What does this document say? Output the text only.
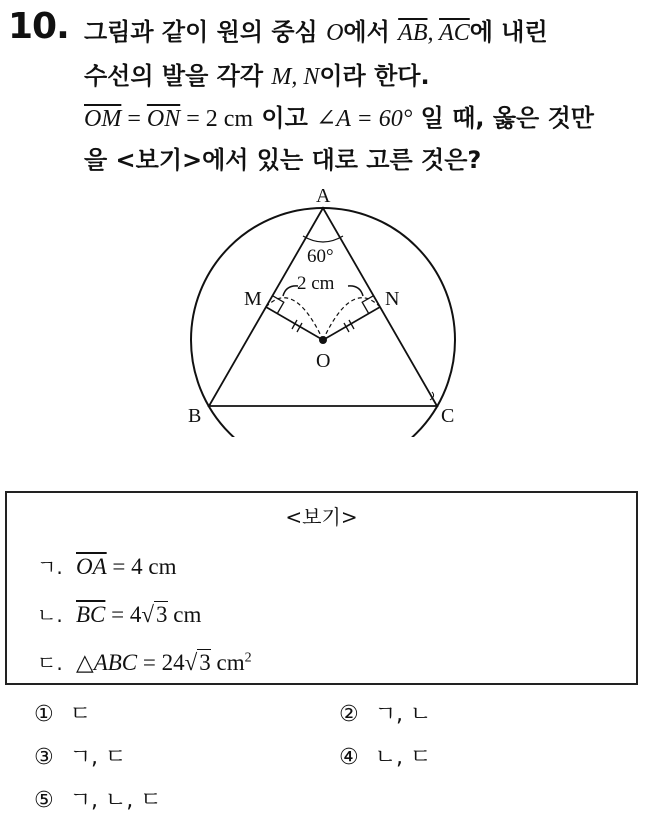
10. 그림과 같이 원의 중심 O에서 $\overline{AB}$, $\overline{AC}$에 내린
수선의 발을 각각 M, N이라 한다.
$\overline{OM} = \overline{ON} = 2$ cm 이고 ∠A = 60° 일 때, 옳은 것만
을 <보기>에서 있는 대로 고른 것은?
A
B	C
M	N
O
60°
2 cm
<보기>
ㄱ. $\overline{OA} = 4$ cm
ㄴ. $\overline{BC} = 4√3$ cm
ㄷ. △ABC = 24√3 $cm^2$
① ㄷ	② ㄱ, ㄴ
③ ㄱ, ㄷ	④ ㄴ, ㄷ
⑤ ㄱ, ㄴ, ㄷ
